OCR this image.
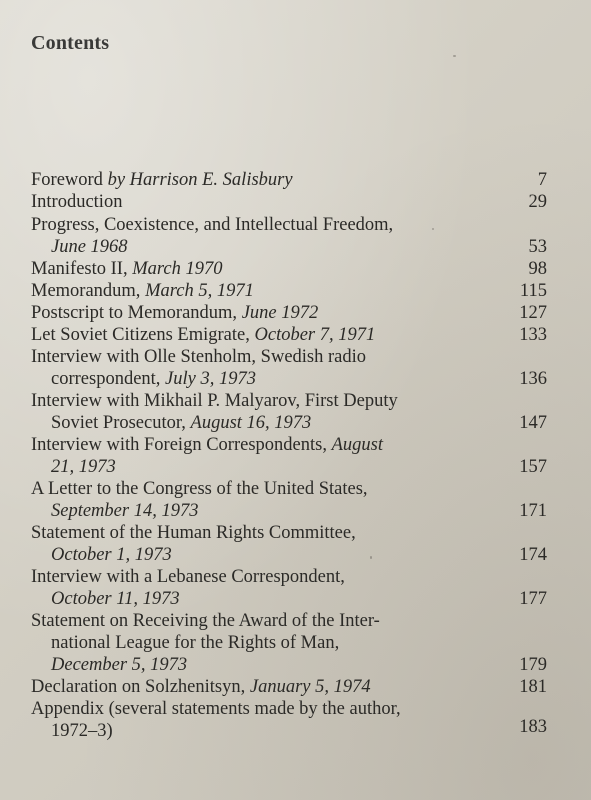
Contents
Foreword by Harrison E. Salisbury	7
Introduction	29
Progress, Coexistence, and Intellectual Freedom,
June 1968	53
Manifesto II, March 1970	98
Memorandum, March 5, 1971	115
Postscript to Memorandum, June 1972	127
Let Soviet Citizens Emigrate, October 7, 1971	133
Interview with Olle Stenholm, Swedish radio
correspondent, July 3, 1973	136
Interview with Mikhail P. Malyarov, First Deputy
Soviet Prosecutor, August 16, 1973	147
Interview with Foreign Correspondents, August
21, 1973	157
A Letter to the Congress of the United States,
September 14, 1973	171
Statement of the Human Rights Committee,
October 1, 1973	174
Interview with a Lebanese Correspondent,
October 11, 1973	177
Statement on Receiving the Award of the Inter-
national League for the Rights of Man,
December 5, 1973	179
Declaration on Solzhenitsyn, January 5, 1974	181
Appendix (several statements made by the author,
1972–3)	183
